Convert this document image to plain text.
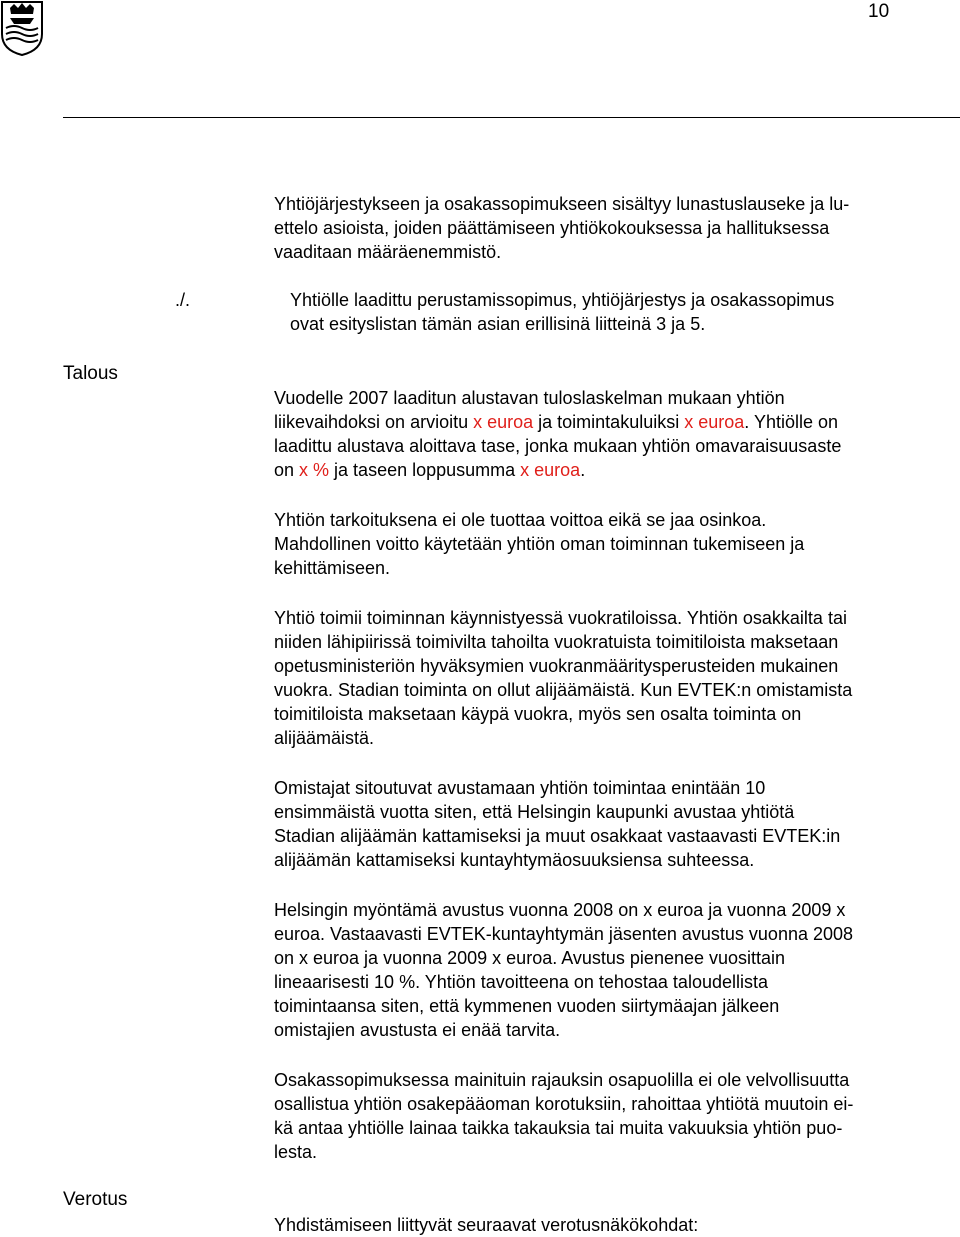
10
Talous
Verotus

Yhtiöjärjestykseen ja osakassopimukseen sisältyy lunastuslauseke ja lu-
ettelo asioista, joiden päättämiseen yhtiökokouksessa ja hallituksessa
vaaditaan määräenemmistö.

./.	Yhtiölle laadittu perustamissopimus, yhtiöjärjestys ja osakassopimus
ovat esityslistan tämän asian erillisinä liitteinä 3 ja 5.

Vuodelle 2007 laaditun alustavan tuloslaskelman mukaan yhtiön
liikevaihdoksi on arvioitu x euroa ja toimintakuluiksi x euroa. Yhtiölle on
laadittu alustava aloittava tase, jonka mukaan yhtiön omavaraisuusaste
on x % ja taseen loppusumma x euroa.

Yhtiön tarkoituksena ei ole tuottaa voittoa eikä se jaa osinkoa.
Mahdollinen voitto käytetään yhtiön oman toiminnan tukemiseen ja
kehittämiseen.

Yhtiö toimii toiminnan käynnistyessä vuokratiloissa. Yhtiön osakkailta tai
niiden lähipiirissä toimivilta tahoilta vuokratuista toimitiloista maksetaan
opetusministeriön hyväksymien vuokranmääritysperusteiden mukainen
vuokra. Stadian toiminta on ollut alijäämäistä. Kun EVTEK:n omistamista
toimitiloista maksetaan käypä vuokra, myös sen osalta toiminta on
alijäämäistä.

Omistajat sitoutuvat avustamaan yhtiön toimintaa enintään 10
ensimmäistä vuotta siten, että Helsingin kaupunki avustaa yhtiötä
Stadian alijäämän kattamiseksi ja muut osakkaat vastaavasti EVTEK:in
alijäämän kattamiseksi kuntayhtymäosuuksiensa suhteessa.

Helsingin myöntämä avustus vuonna 2008 on x euroa ja vuonna 2009 x
euroa. Vastaavasti EVTEK-kuntayhtymän jäsenten avustus vuonna 2008
on x euroa ja vuonna 2009 x euroa. Avustus pienenee vuosittain
lineaarisesti 10 %. Yhtiön tavoitteena on tehostaa taloudellista
toimintaansa siten, että kymmenen vuoden siirtymäajan jälkeen
omistajien avustusta ei enää tarvita.

Osakassopimuksessa mainituin rajauksin osapuolilla ei ole velvollisuutta
osallistua yhtiön osakepääoman korotuksiin, rahoittaa yhtiötä muutoin ei-
kä antaa yhtiölle lainaa taikka takauksia tai muita vakuuksia yhtiön puo-
lesta.

Yhdistämiseen liittyvät seuraavat verotusnäkökohdat:
